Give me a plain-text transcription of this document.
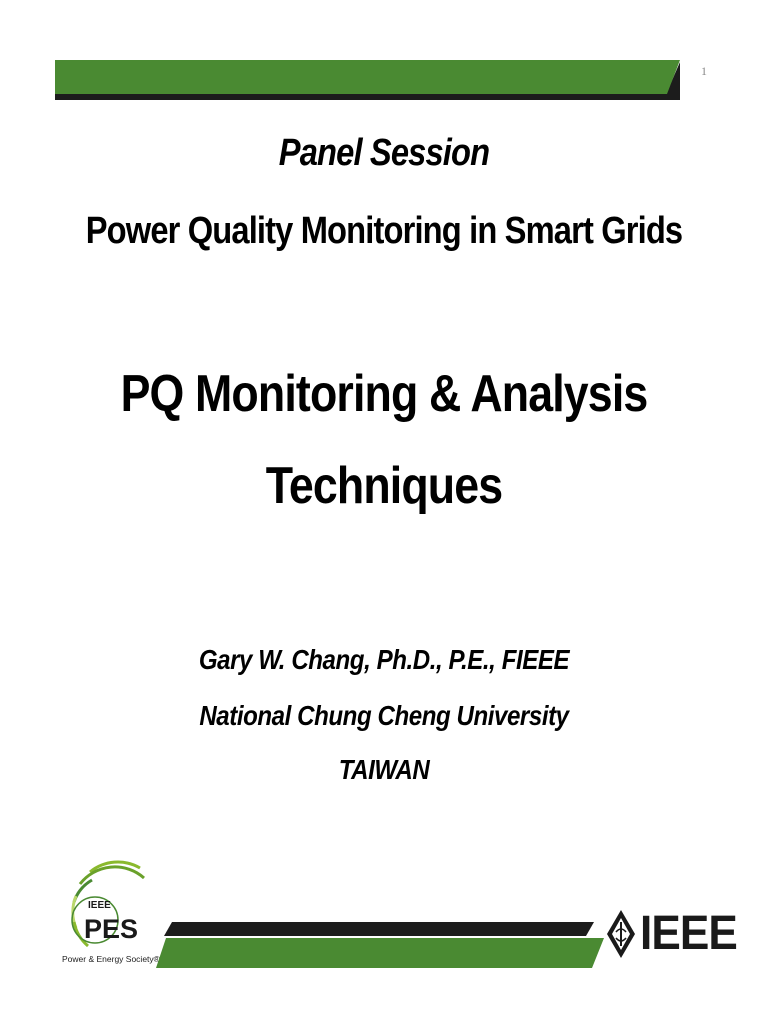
1
Panel Session
Power Quality Monitoring in Smart Grids
PQ Monitoring & Analysis
Techniques
Gary W. Chang, Ph.D., P.E., FIEEE
National Chung Cheng University
TAIWAN
IEEE
PES
Power & Energy Society®	IEEE
